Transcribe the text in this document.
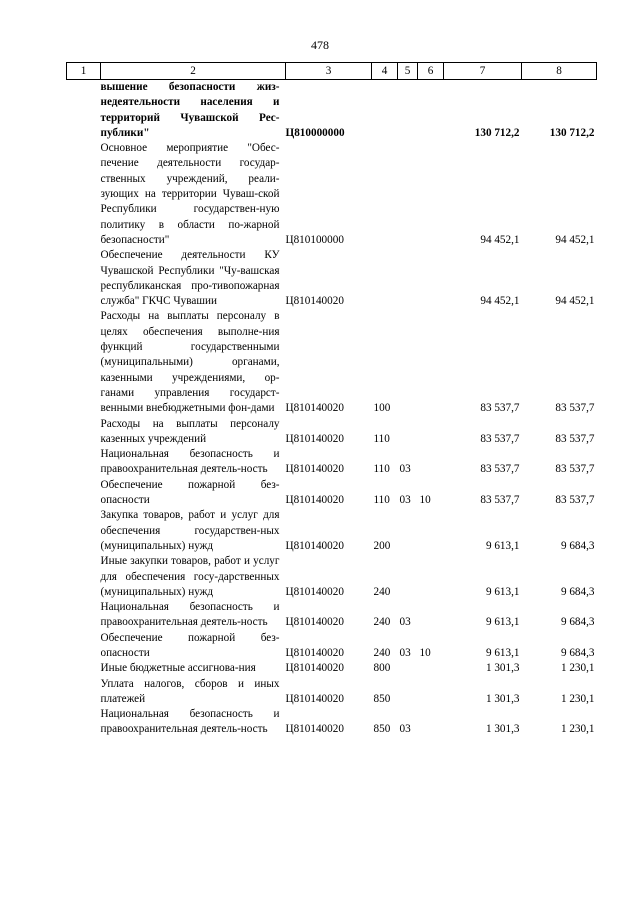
478
1	2	3	4	5	6	7	8
	вышение безопасности жиз-недеятельности населения и территорий Чувашской Рес-публики"	Ц810000000				130 712,2	130 712,2
	Основное мероприятие "Обес-печение деятельности государ-ственных учреждений, реали-зующих на территории Чуваш-ской Республики государствен-ную политику в области по-жарной безопасности"	Ц810100000				94 452,1	94 452,1
	Обеспечение деятельности КУ Чувашской Республики "Чу-вашская республиканская про-тивопожарная служба" ГКЧС Чувашии	Ц810140020				94 452,1	94 452,1
	Расходы на выплаты персоналу в целях обеспечения выполне-ния функций государственными (муниципальными) органами, казенными учреждениями, ор-ганами управления государст-венными внебюджетными фон-дами	Ц810140020	100			83 537,7	83 537,7
	Расходы на выплаты персоналу казенных учреждений	Ц810140020	110			83 537,7	83 537,7
	Национальная безопасность и правоохранительная деятель-ность	Ц810140020	110	03		83 537,7	83 537,7
	Обеспечение пожарной без-опасности	Ц810140020	110	03	10	83 537,7	83 537,7
	Закупка товаров, работ и услуг для обеспечения государствен-ных (муниципальных) нужд	Ц810140020	200			9 613,1	9 684,3
	Иные закупки товаров, работ и услуг для обеспечения госу-дарственных (муниципальных) нужд	Ц810140020	240			9 613,1	9 684,3
	Национальная безопасность и правоохранительная деятель-ность	Ц810140020	240	03		9 613,1	9 684,3
	Обеспечение пожарной без-опасности	Ц810140020	240	03	10	9 613,1	9 684,3
	Иные бюджетные ассигнова-ния	Ц810140020	800			1 301,3	1 230,1
	Уплата налогов, сборов и иных платежей	Ц810140020	850			1 301,3	1 230,1
	Национальная безопасность и правоохранительная деятель-ность	Ц810140020	850	03		1 301,3	1 230,1
